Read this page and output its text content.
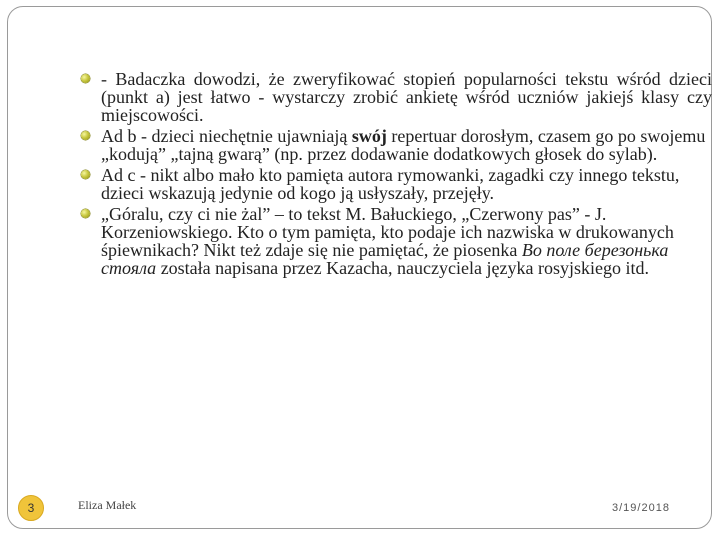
- Badaczka dowodzi, że zweryfikować stopień popularności tekstu wśród dzieci (punkt a) jest łatwo - wystarczy zrobić ankietę wśród uczniów jakiejś klasy czy miejscowości.
Ad b - dzieci niechętnie ujawniają swój repertuar dorosłym, czasem go po swojemu „kodują” „tajną gwarą” (np. przez dodawanie dodatkowych głosek do sylab).
Ad c - nikt albo mało kto pamięta autora rymowanki, zagadki czy innego tekstu, dzieci wskazują jedynie od kogo ją usłyszały, przejęły.
„Góralu, czy ci nie żal” – to tekst M. Bałuckiego, „Czerwony pas” - J. Korzeniowskiego. Kto o tym pamięta, kto podaje ich nazwiska w drukowanych śpiewnikach? Nikt też zdaje się nie pamiętać, że piosenka Во поле березонька стояла została napisana przez Kazacha, nauczyciela języka rosyjskiego itd.
3	Eliza Małek	3/19/2018
